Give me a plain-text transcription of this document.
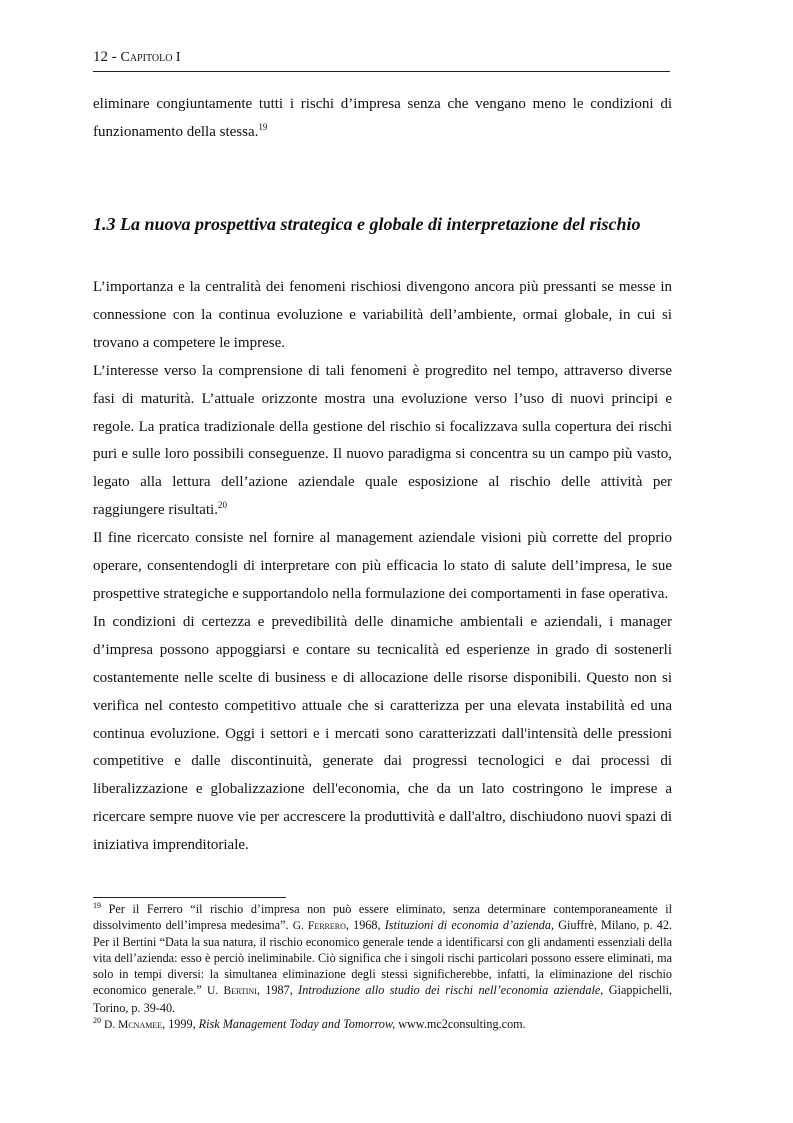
12 - Capitolo I

eliminare congiuntamente tutti i rischi d’impresa senza che vengano meno le condizioni di funzionamento della stessa.$^{19}$

1.3 La nuova prospettiva strategica e globale di interpretazione del rischio

L’importanza e la centralità dei fenomeni rischiosi divengono ancora più pressanti se messe in connessione con la continua evoluzione e variabilità dell’ambiente, ormai globale, in cui si trovano a competere le imprese.

L’interesse verso la comprensione di tali fenomeni è progredito nel tempo, attraverso diverse fasi di maturità. L’attuale orizzonte mostra una evoluzione verso l’uso di nuovi principi e regole. La pratica tradizionale della gestione del rischio si focalizzava sulla copertura dei rischi puri e sulle loro possibili conseguenze. Il nuovo paradigma si concentra su un campo più vasto, legato alla lettura dell’azione aziendale quale esposizione al rischio delle attività per raggiungere risultati.$^{20}$

Il fine ricercato consiste nel fornire al management aziendale visioni più corrette del proprio operare, consentendogli di interpretare con più efficacia lo stato di salute dell’impresa, le sue prospettive strategiche e supportandolo nella formulazione dei comportamenti in fase operativa.

In condizioni di certezza e prevedibilità delle dinamiche ambientali e aziendali, i manager d’impresa possono appoggiarsi e contare su tecnicalità ed esperienze in grado di sostenerli costantemente nelle scelte di business e di allocazione delle risorse disponibili. Questo non si verifica nel contesto competitivo attuale che si caratterizza per una elevata instabilità ed una continua evoluzione. Oggi i settori e i mercati sono caratterizzati dall'intensità delle pressioni competitive e dalle discontinuità, generate dai progressi tecnologici e dai processi di liberalizzazione e globalizzazione dell'economia, che da un lato costringono le imprese a ricercare sempre nuove vie per accrescere la produttività e dall'altro, dischiudono nuovi spazi di iniziativa imprenditoriale.

$^{19}$ Per il Ferrero “il rischio d’impresa non può essere eliminato, senza determinare contemporaneamente il dissolvimento dell’impresa medesima”. G. Ferrero, 1968, Istituzioni di economia d’azienda, Giuffrè, Milano, p. 42. Per il Bertini “Data la sua natura, il rischio economico generale tende a identificarsi con gli andamenti essenziali della vita dell’azienda: esso è perciò ineliminabile. Ciò significa che i singoli rischi particolari possono essere eliminati, ma solo in tempi diversi: la simultanea eliminazione degli stessi significherebbe, infatti, la eliminazione del rischio economico generale.” U. Bertini, 1987, Introduzione allo studio dei rischi nell’economia aziendale, Giappichelli, Torino, p. 39-40.

$^{20}$ D. Mcnamee, 1999, Risk Management Today and Tomorrow, www.mc2consulting.com.
